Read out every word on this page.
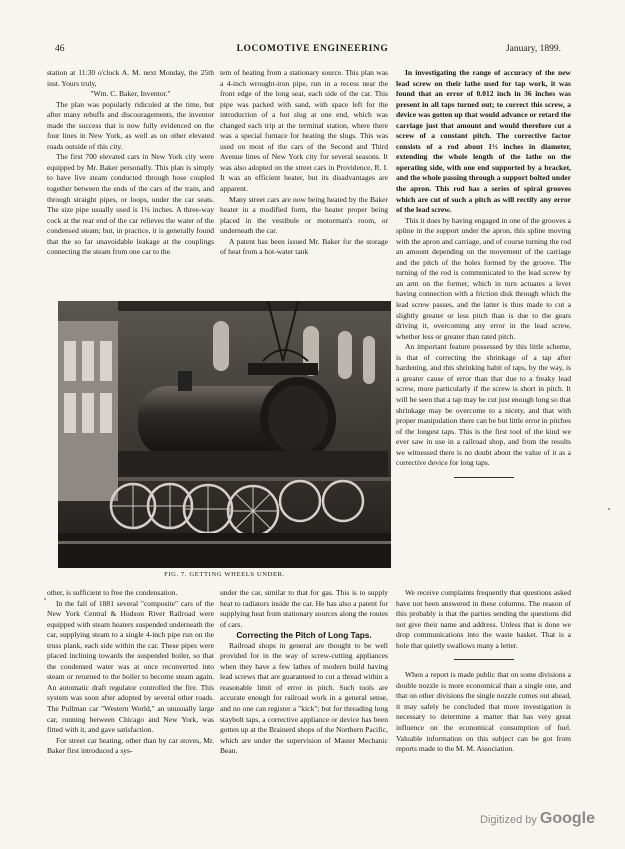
46	LOCOMOTIVE ENGINEERING	January, 1899.

station at 11:30 o'clock A. M. next Monday, the 25th inst. Yours truly,

"Wm. C. Baker, Inventor."

The plan was popularly ridiculed at the time, but after many rebuffs and discouragements, the inventor made the success that is now fully evidenced on the four lines in New York, as well as on other elevated roads outside of this city.

The first 700 elevated cars in New York city were equipped by Mr. Baker personally. This plan is simply to have live steam conducted through hose coupled together between the ends of the cars of the train, and through straight pipes, or loops, under the car seats. The size pipe usually used is 1¼ inches. A three-way cock at the rear end of the car relieves the water of the condensed steam; but, in practice, it is generally found that the so far unavoidable leakage at the couplings connecting the steam from one car to the

tem of heating from a stationary source. This plan was a 4-inch wrought-iron pipe, run in a recess near the front edge of the long seat, each side of the car. This pipe was packed with sand, with space left for the introduction of a hot slug at one end, which was changed each trip at the terminal station, where there was a special furnace for heating the slugs. This was used on most of the cars of the Second and Third Avenue lines of New York city for several seasons. It was also adopted on the street cars in Providence, R. I. It was an efficient heater, but its disadvantages are apparent.

Many street cars are now being heated by the Baker heater in a modified form, the heater proper being placed in the vestibule or motorman's room, or underneath the car.

A patent has been issued Mr. Baker for the storage of heat from a hot-water tank

In investigating the range of accuracy of the new lead screw on their lathe used for tap work, it was found that an error of 0.012 inch in 36 inches was present in all taps turned out; to correct this screw, a device was gotten up that would advance or retard the carriage just that amount and would therefore cut a screw of a constant pitch. The corrective factor consists of a rod about 1½ inches in diameter, extending the whole length of the lathe on the operating side, with one end supported by a bracket, and the whole passing through a support bolted under the apron. This rod has a series of spiral grooves which are cut of such a pitch as will rectify any error of the lead screw.

This it does by having engaged in one of the grooves a spline in the support under the apron, this spline moving with the apron and carriage, and of course turning the rod an amount depending on the movement of the carriage and the pitch of the holes formed by the groove. The turning of the rod is communicated to the lead screw by an arm on the former, which in turn actuates a lever having connection with a friction disk through which the lead screw passes, and the latter is thus made to cut a slightly greater or less pitch than is due to the gears driving it, overcoming any error in the lead screw, whether less or greater than rated pitch.

An important feature possessed by this little scheme, is that of correcting the shrinkage of a tap after hardening, and this shrinking habit of taps, by the way, is a greater cause of error than that due to a freaky lead screw, more particularly if the screw is short in pitch. It will be seen that a tap may be cut just enough long so that shrinkage may be overcome to a nicety, and that with proper manipulation there can be but little error in pitches of the longest taps. This is the first tool of the kind we ever saw in use in a railroad shop, and from the results we witnessed there is no doubt about the value of it as a corrective device for long taps.

FIG. 7. GETTING WHEELS UNDER.

other, is sufficient to free the condensation.

In the fall of 1881 several "composite" cars of the New York Central & Hudson River Railroad were equipped with steam heaters suspended underneath the car, supplying steam to a single 4-inch pipe run on the truss plank, each side within the car. These pipes were placed inclining towards the suspended boiler, so that the condensed water was at once reconverted into steam or returned to the boiler to become steam again. An automatic draft regulator controlled the fire. This system was soon after adopted by several other roads. The Pullman car "Western World," an unusually large car, running between Chicago and New York, was fitted with it, and gave satisfaction.

For street car heating, other than by car stoves, Mr. Baker first introduced a sys-

under the car, similar to that for gas. This is to supply heat to radiators inside the car. He has also a patent for supplying heat from stationary sources along the routes of cars.

Correcting the Pitch of Long Taps.

Railroad shops in general are thought to be well provided for in the way of screw-cutting appliances when they have a few lathes of modern build having lead screws that are guaranteed to cut a thread within a reasonable limit of error in pitch. Such tools are accurate enough for railroad work in a general sense, and no one can register a "kick"; but for threading long staybolt taps, a corrective appliance or device has been gotten up at the Brainerd shops of the Northern Pacific, which are under the supervision of Master Mechanic Bean.

We receive complaints frequently that questions asked have not been answered in these columns. The reason of this probably is that the parties sending the questions did not give their name and address. Unless that is done we drop communications into the waste basket. That is a hole that quietly swallows many a letter.

When a report is made public that on some divisions a double nozzle is more economical than a single one, and that on other divisions the single nozzle comes out ahead, it may safely be concluded that more investigation is necessary to determine a matter that has very great influence on the economical consumption of fuel. Valuable information on this subject can be got from reports made to the M. M. Association.

Digitized by Google
